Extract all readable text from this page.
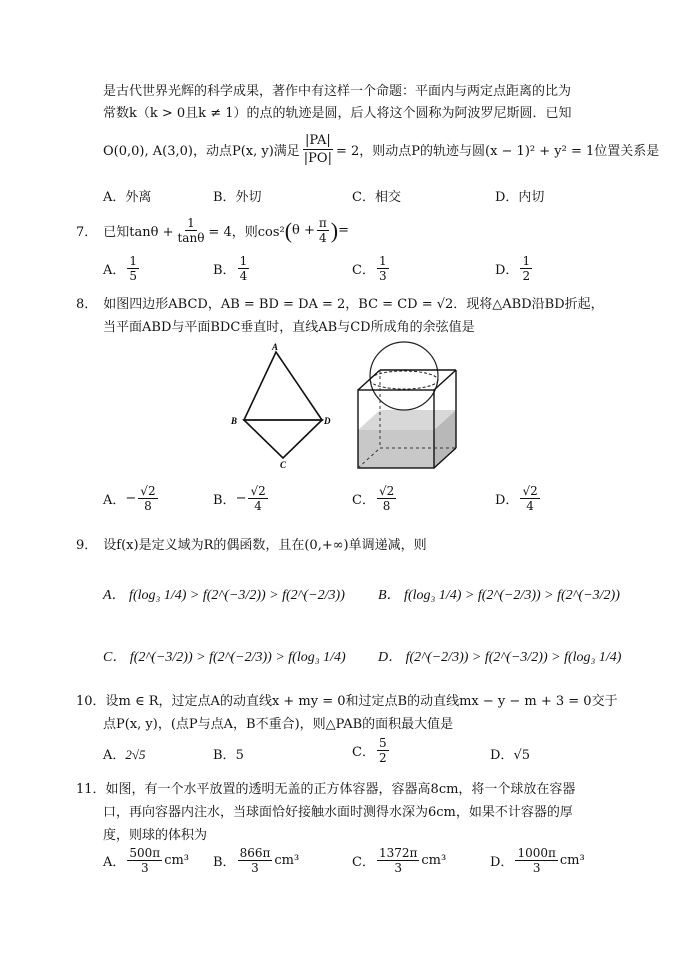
是古代世界光辉的科学成果，著作中有这样一个命题：平面内与两定点距离的比为
常数k（k > 0且k ≠ 1）的点的轨迹是圆，后人将这个圆称为阿波罗尼斯圆．已知
O(0,0), A(3,0)，动点P(x, y)满足 $\frac{|PA|}{|PO|} = 2$，则动点P的轨迹与圆(x − 1)² + y² = 1位置关系是
A．外离	B．外切	C．相交	D．内切
7． 已知$\tan\theta + \frac{1}{\tan\theta} = 4$，则cos² ( $\theta + \frac{\pi}{4}$ ) =
A． $\frac{1}{5}$	B． $\frac{1}{4}$	C． $\frac{1}{3}$	D． $\frac{1}{2}$
8． 如图四边形ABCD，AB = BD = DA = 2，BC = CD = √2．现将△ABD沿BD折起，
当平面ABD与平面BDC垂直时，直线AB与CD所成角的余弦值是
A
B	D
C
A． − $\frac{√2}{8}$	B． − $\frac{√2}{4}$	C． $\frac{√2}{8}$	D． $\frac{√2}{4}$
9． 设f(x)是定义域为R的偶函数，且在(0,+∞)单调递减，则
A． f(log₃ 1/4) > f(2^(−3/2)) > f(2^(−2/3)) B． f(log₃ 1/4) > f(2^(−2/3)) > f(2^(−3/2))
C． f(2^(−3/2)) > f(2^(−2/3)) > f(log₃ 1/4) D． f(2^(−2/3)) > f(2^(−3/2)) > f(log₃ 1/4)
10．设m ∈ R，过定点A的动直线x + my = 0和过定点B的动直线mx − y − m + 3 = 0交于
点P(x, y)，(点P与点A，B不重合)，则△PAB的面积最大值是
A．2√5	B．5	C． $\frac{5}{2}$	D．√5
11．如图，有一个水平放置的透明无盖的正方体容器，容器高8cm，将一个球放在容器
口，再向容器内注水，当球面恰好接触水面时测得水深为6cm，如果不计容器的厚
度，则球的体积为
A． $\frac{500\pi}{3} cm^3$ B． $\frac{866\pi}{3} cm^3$	C． $\frac{1372\pi}{3} cm^3$	D． $\frac{1000\pi}{3} cm^3$
